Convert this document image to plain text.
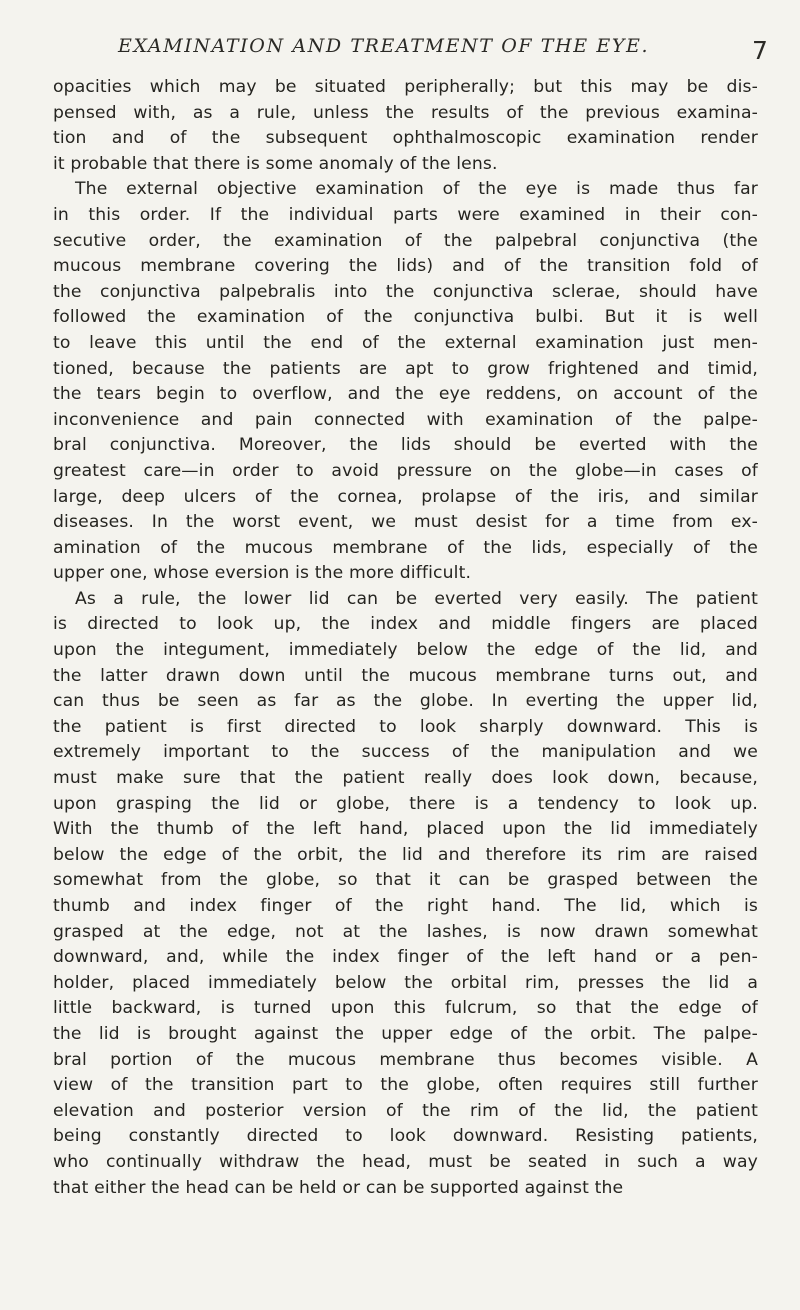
EXAMINATION AND TREATMENT OF THE EYE.	7
opacities which may be situated peripherally; but this may be dis-
pensed with, as a rule, unless the results of the previous examina-
tion and of the subsequent ophthalmoscopic examination render
it probable that there is some anomaly of the lens.
The external objective examination of the eye is made thus far
in this order. If the individual parts were examined in their con-
secutive order, the examination of the palpebral conjunctiva (the
mucous membrane covering the lids) and of the transition fold of
the conjunctiva palpebralis into the conjunctiva sclerae, should have
followed the examination of the conjunctiva bulbi. But it is well
to leave this until the end of the external examination just men-
tioned, because the patients are apt to grow frightened and timid,
the tears begin to overflow, and the eye reddens, on account of the
inconvenience and pain connected with examination of the palpe-
bral conjunctiva. Moreover, the lids should be everted with the
greatest care—in order to avoid pressure on the globe—in cases of
large, deep ulcers of the cornea, prolapse of the iris, and similar
diseases. In the worst event, we must desist for a time from ex-
amination of the mucous membrane of the lids, especially of the
upper one, whose eversion is the more difficult.
As a rule, the lower lid can be everted very easily. The patient
is directed to look up, the index and middle fingers are placed
upon the integument, immediately below the edge of the lid, and
the latter drawn down until the mucous membrane turns out, and
can thus be seen as far as the globe. In everting the upper lid,
the patient is first directed to look sharply downward. This is
extremely important to the success of the manipulation and we
must make sure that the patient really does look down, because,
upon grasping the lid or globe, there is a tendency to look up.
With the thumb of the left hand, placed upon the lid immediately
below the edge of the orbit, the lid and therefore its rim are raised
somewhat from the globe, so that it can be grasped between the
thumb and index finger of the right hand. The lid, which is
grasped at the edge, not at the lashes, is now drawn somewhat
downward, and, while the index finger of the left hand or a pen-
holder, placed immediately below the orbital rim, presses the lid a
little backward, is turned upon this fulcrum, so that the edge of
the lid is brought against the upper edge of the orbit. The palpe-
bral portion of the mucous membrane thus becomes visible. A
view of the transition part to the globe, often requires still further
elevation and posterior version of the rim of the lid, the patient
being constantly directed to look downward. Resisting patients,
who continually withdraw the head, must be seated in such a way
that either the head can be held or can be supported against the
